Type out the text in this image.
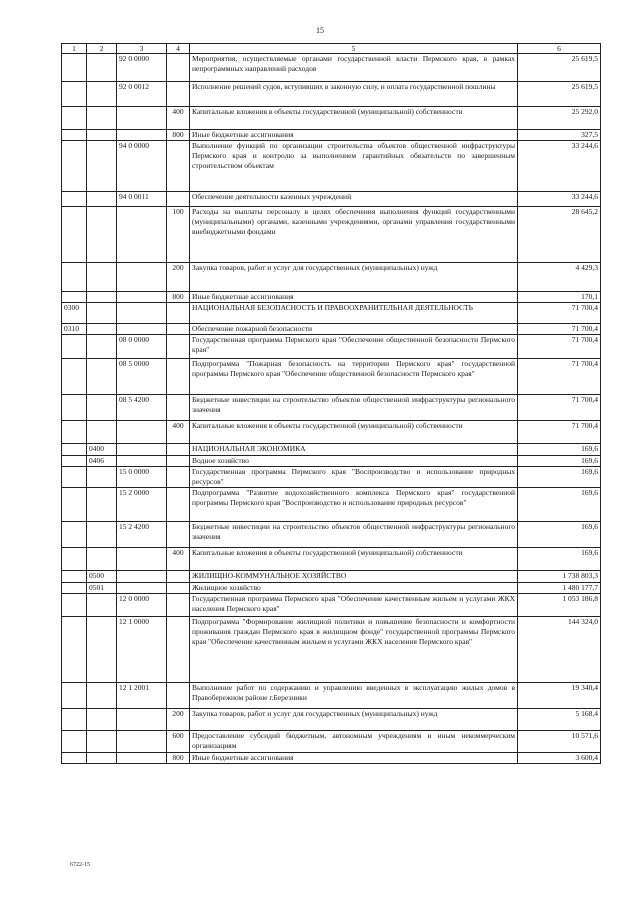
15
1	2	3	4	5	6
		92 0 0000		Мероприятия, осуществляемые органами государственной власти Пермского края, в рамках непрограммных направлений расходов	25 619,5
		92 0 0012		Исполнение решений судов, вступивших в законную силу, и оплата государственной пошлины	25 619,5
			400	Капитальные вложения в объекты государственной (муниципальной) собственности	25 292,0
			800	Иные бюджетные ассигнования	327,5
		94 0 0000		Выполнение функций по организации строительства объектов общественной инфраструктуры Пермского края и контролю за выполнением гарантийных обязательств по завершенным строительством объектам	33 244,6
		94 0 0011		Обеспечение деятельности казенных учреждений	33 244,6
			100	Расходы на выплаты персоналу в целях обеспечения выполнения функций государственными (муниципальными) органами, казенными учреждениями, органами управления государственными внебюджетными фондами	28 645,2
			200	Закупка товаров, работ и услуг для государственных (муниципальных) нужд	4 429,3
			800	Иные бюджетные ассигнования	170,1
0300				НАЦИОНАЛЬНАЯ БЕЗОПАСНОСТЬ И ПРАВООХРАНИТЕЛЬНАЯ ДЕЯТЕЛЬНОСТЬ	71 700,4
0310				Обеспечение пожарной безопасности	71 700,4
		08 0 0000		Государственная программа Пермского края "Обеспечение общественной безопасности Пермского края"	71 700,4
		08 5 0000		Подпрограмма "Пожарная безопасность на территории Пермского края" государственной программы Пермского края "Обеспечение общественной безопасности Пермского края"	71 700,4
		08 5 4200		Бюджетные инвестиции на строительство объектов общественной инфраструктуры регионального значения	71 700,4
			400	Капитальные вложения в объекты государственной (муниципальной) собственности	71 700,4
	0400			НАЦИОНАЛЬНАЯ ЭКОНОМИКА	169,6
	0406			Водное хозяйство	169,6
		15 0 0000		Государственная программа Пермского края "Воспроизводство и использование природных ресурсов"	169,6
		15 2 0000		Подпрограмма "Развитие водохозяйственного комплекса Пермского края" государственной программы Пермского края "Воспроизводство и использование природных ресурсов"	169,6
		15 2 4200		Бюджетные инвестиции на строительство объектов общественной инфраструктуры регионального значения	169,6
			400	Капитальные вложения в объекты государственной (муниципальной) собственности	169,6
	0500			ЖИЛИЩНО-КОММУНАЛЬНОЕ ХОЗЯЙСТВО	1 738 803,3
	0501			Жилищное хозяйство	1 480 177,7
		12 0 0000		Государственная программа Пермского края "Обеспечение качественным жильем и услугами ЖКХ населения Пермского края"	1 053 186,8
		12 1 0000		Подпрограмма "Формирование жилищной политики и повышение безопасности и комфортности проживания граждан Пермского края в жилищном фонде" государственной программы Пермского края "Обеспечение качественным жильем и услугами ЖКХ населения Пермского края"	144 324,0
		12 1 2001		Выполнение работ по содержанию и управлению введенных в эксплуатацию жилых домов в Правобережном районе г.Березники	19 340,4
			200	Закупка товаров, работ и услуг для государственных (муниципальных) нужд	5 168,4
			600	Предоставление субсидий бюджетным, автономным учреждениям и иным некоммерческим организациям	10 571,6
			800	Иные бюджетные ассигнования	3 600,4
6722-15
